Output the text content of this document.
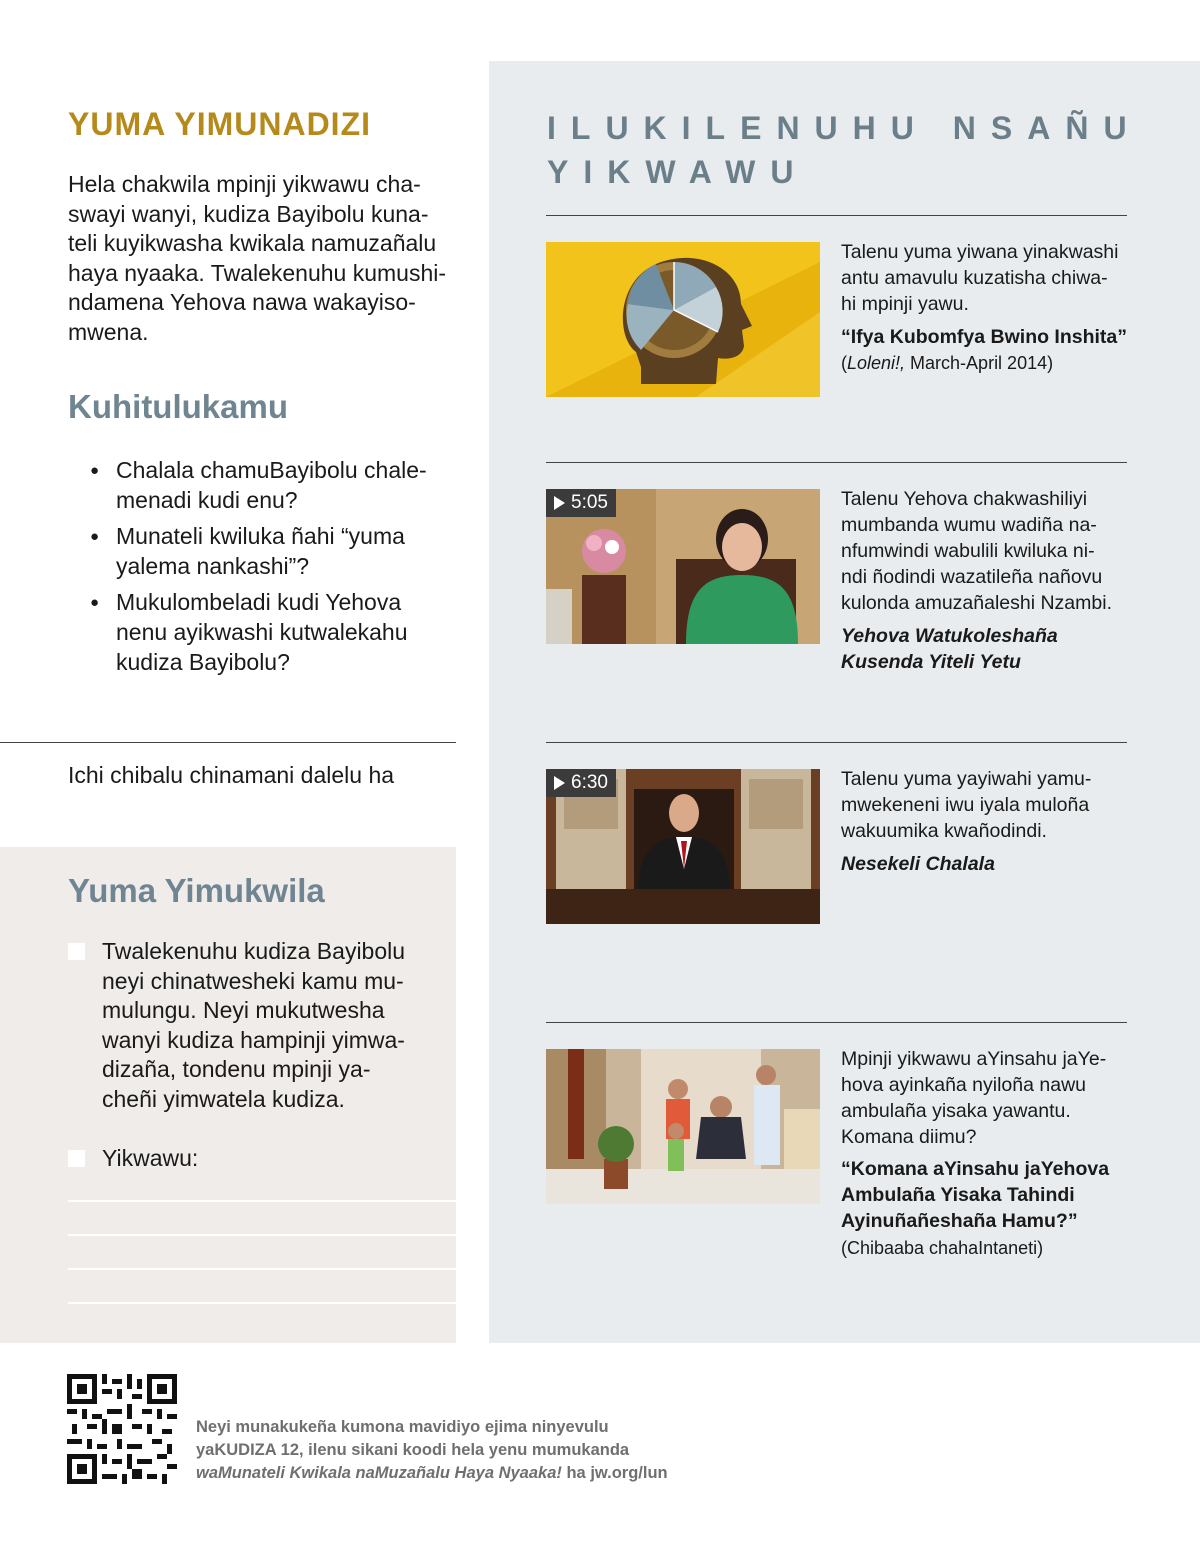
YUMA YIMUNADIZI

Hela chakwila mpinji yikwawu cha-
swayi wanyi, kudiza Bayibolu kuna-
teli kuyikwasha kwikala namuzañalu
haya nyaaka. Twalekenuhu kumushi-
ndamena Yehova nawa wakayiso-
mwena.

Kuhitulukamu
● Chalala chamuBayibolu chale-
menadi kudi enu?
● Munateli kwiluka ñahi “yuma
yalema nankashi”?
● Mukulombeladi kudi Yehova
nenu ayikwashi kutwalekahu
kudiza Bayibolu?

Ichi chibalu chinamani dalelu ha

Yuma Yimukwila

Twalekenuhu kudiza Bayibolu
neyi chinatwesheki kamu mu-
mulungu. Neyi mukutwesha
wanyi kudiza hampinji yimwa-
dizaña, tondenu mpinji ya-
cheñi yimwatela kudiza.

Yikwawu:

ILUKILENUHU NSAÑU
YIKWAWU

Talenu yuma yiwana yinakwashi
antu amavulu kuzatisha chiwa-
hi mpinji yawu.

“Ifya Kubomfya Bwino Inshita”

(Loleni!, March-April 2014)

5:05	Talenu Yehova chakwashiliyi
mumbanda wumu wadiña na-
nfumwindi wabulili kwiluka ni-
ndi ñodindi wazatileña nañovu
kulonda amuzañaleshi Nzambi.

Yehova Watukoleshaña
Kusenda Yiteli Yetu

6:30	Talenu yuma yayiwahi yamu-
mwekeneni iwu iyala muloña
wakuumika kwañodindi.

Nesekeli Chalala

Mpinji yikwawu aYinsahu jaYe-
hova ayinkaña nyiloña nawu
ambulaña yisaka yawantu.
Komana diimu?

“Komana aYinsahu jaYehova
Ambulaña Yisaka Tahindi
Ayinuñañeshaña Hamu?”

(Chibaaba chahaIntaneti)

Neyi munakukeña kumona mavidiyo ejima ninyevulu
yaKUDIZA 12, ilenu sikani koodi hela yenu mumukanda
waMunateli Kwikala naMuzañalu Haya Nyaaka! ha jw.org/lun
